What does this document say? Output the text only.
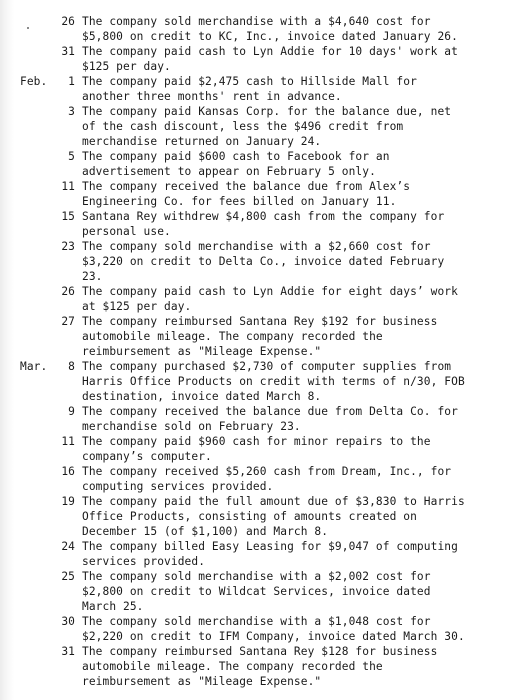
26 The company sold merchandise with a $4,640 cost for $5,800 on credit to KC, Inc., invoice dated January 26.
31 The company paid cash to Lyn Addie for 10 days' work at $125 per day.
Feb.	1 The company paid $2,475 cash to Hillside Mall for another three months' rent in advance.
3 The company paid Kansas Corp. for the balance due, net of the cash discount, less the $496 credit from merchandise returned on January 24.
5 The company paid $600 cash to Facebook for an advertisement to appear on February 5 only.
11 The company received the balance due from Alex’s Engineering Co. for fees billed on January 11.
15 Santana Rey withdrew $4,800 cash from the company for personal use.
23 The company sold merchandise with a $2,660 cost for $3,220 on credit to Delta Co., invoice dated February 23.
26 The company paid cash to Lyn Addie for eight days’ work at $125 per day.
27 The company reimbursed Santana Rey $192 for business automobile mileage. The company recorded the reimbursement as "Mileage Expense."
Mar.	8 The company purchased $2,730 of computer supplies from Harris Office Products on credit with terms of n/30, FOB destination, invoice dated March 8.
9 The company received the balance due from Delta Co. for merchandise sold on February 23.
11 The company paid $960 cash for minor repairs to the company’s computer.
16 The company received $5,260 cash from Dream, Inc., for computing services provided.
19 The company paid the full amount due of $3,830 to Harris Office Products, consisting of amounts created on December 15 (of $1,100) and March 8.
24 The company billed Easy Leasing for $9,047 of computing services provided.
25 The company sold merchandise with a $2,002 cost for $2,800 on credit to Wildcat Services, invoice dated March 25.
30 The company sold merchandise with a $1,048 cost for $2,220 on credit to IFM Company, invoice dated March 30.
31 The company reimbursed Santana Rey $128 for business automobile mileage. The company recorded the reimbursement as "Mileage Expense."
